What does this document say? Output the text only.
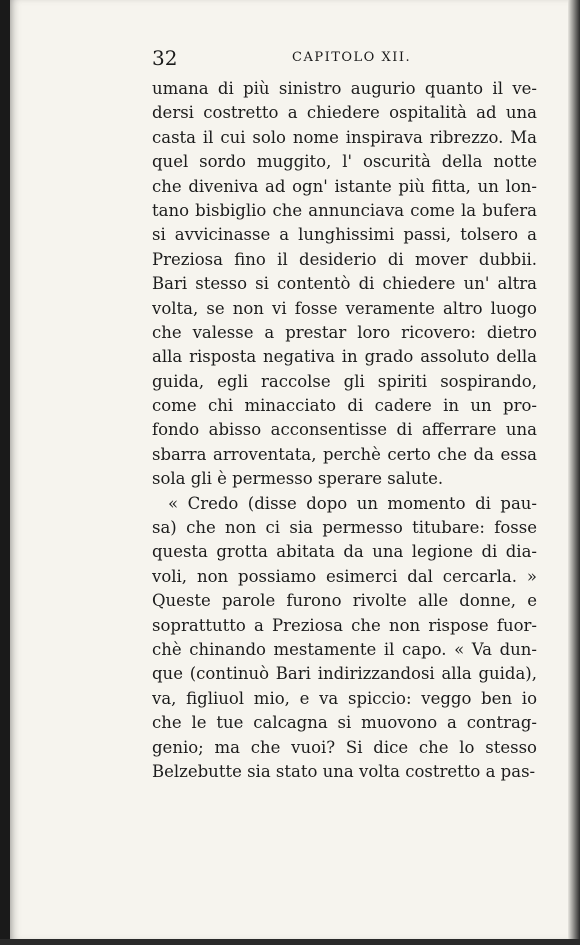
32	CAPITOLO XII.
umana di più sinistro augurio quanto il ve-
dersi costretto a chiedere ospitalità ad una
casta il cui solo nome inspirava ribrezzo. Ma
quel sordo muggito, l' oscurità della notte
che diveniva ad ogn' istante più fitta, un lon-
tano bisbiglio che annunciava come la bufera
si avvicinasse a lunghissimi passi, tolsero a
Preziosa fino il desiderio di mover dubbii.
Bari stesso si contentò di chiedere un' altra
volta, se non vi fosse veramente altro luogo
che valesse a prestar loro ricovero: dietro
alla risposta negativa in grado assoluto della
guida, egli raccolse gli spiriti sospirando,
come chi minacciato di cadere in un pro-
fondo abisso acconsentisse di afferrare una
sbarra arroventata, perchè certo che da essa
sola gli è permesso sperare salute.
« Credo (disse dopo un momento di pau-
sa) che non ci sia permesso titubare: fosse
questa grotta abitata da una legione di dia-
voli, non possiamo esimerci dal cercarla. »
Queste parole furono rivolte alle donne, e
soprattutto a Preziosa che non rispose fuor-
chè chinando mestamente il capo. « Va dun-
que (continuò Bari indirizzandosi alla guida),
va, figliuol mio, e va spiccio: veggo ben io
che le tue calcagna si muovono a contrag-
genio; ma che vuoi? Si dice che lo stesso
Belzebutte sia stato una volta costretto a pas-
